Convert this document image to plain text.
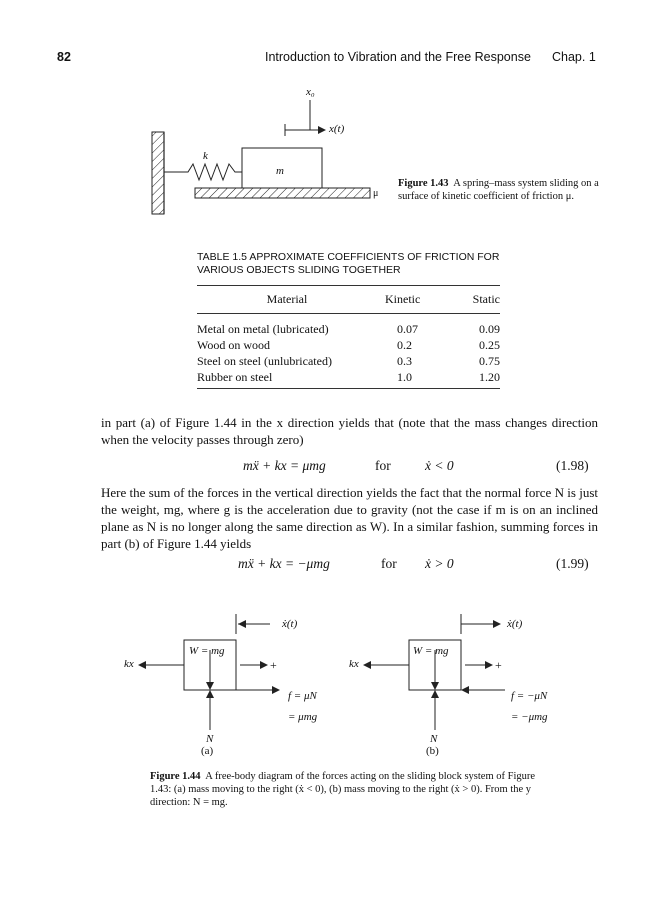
82	Introduction to Vibration and the Free Response Chap. 1
x₀
x(t)
k
m
μ
Figure 1.43 A spring–mass system sliding on a surface of kinetic coefficient of friction μ.
TABLE 1.5 APPROXIMATE COEFFICIENTS OF FRICTION FOR VARIOUS OBJECTS SLIDING TOGETHER
Material	Kinetic	Static
Metal on metal (lubricated)	0.07	0.09
Wood on wood	0.2	0.25
Steel on steel (unlubricated)	0.3	0.75
Rubber on steel	1.0	1.20
in part (a) of Figure 1.44 in the x direction yields that (note that the mass changes direction when the velocity passes through zero)
mẍ + kx = μmg	for	ẋ < 0	(1.98)
Here the sum of the forces in the vertical direction yields the fact that the normal force N is just the weight, mg, where g is the acceleration due to gravity (not the case if m is on an inclined plane as N is no longer along the same direction as W). In a similar fashion, summing forces in part (b) of Figure 1.44 yields
mẍ + kx = −μmg	for ẋ > 0	(1.99)
ẋ(t)
W = mg
kx	+
f = μN
= μmg
N
(a)
ẋ(t)
W = mg
kx	+
f = −μN
= −μmg
N
(b)
Figure 1.44 A free-body diagram of the forces acting on the sliding block system of Figure 1.43: (a) mass moving to the right (ẋ < 0), (b) mass moving to the right (ẋ > 0). From the y direction: N = mg.
